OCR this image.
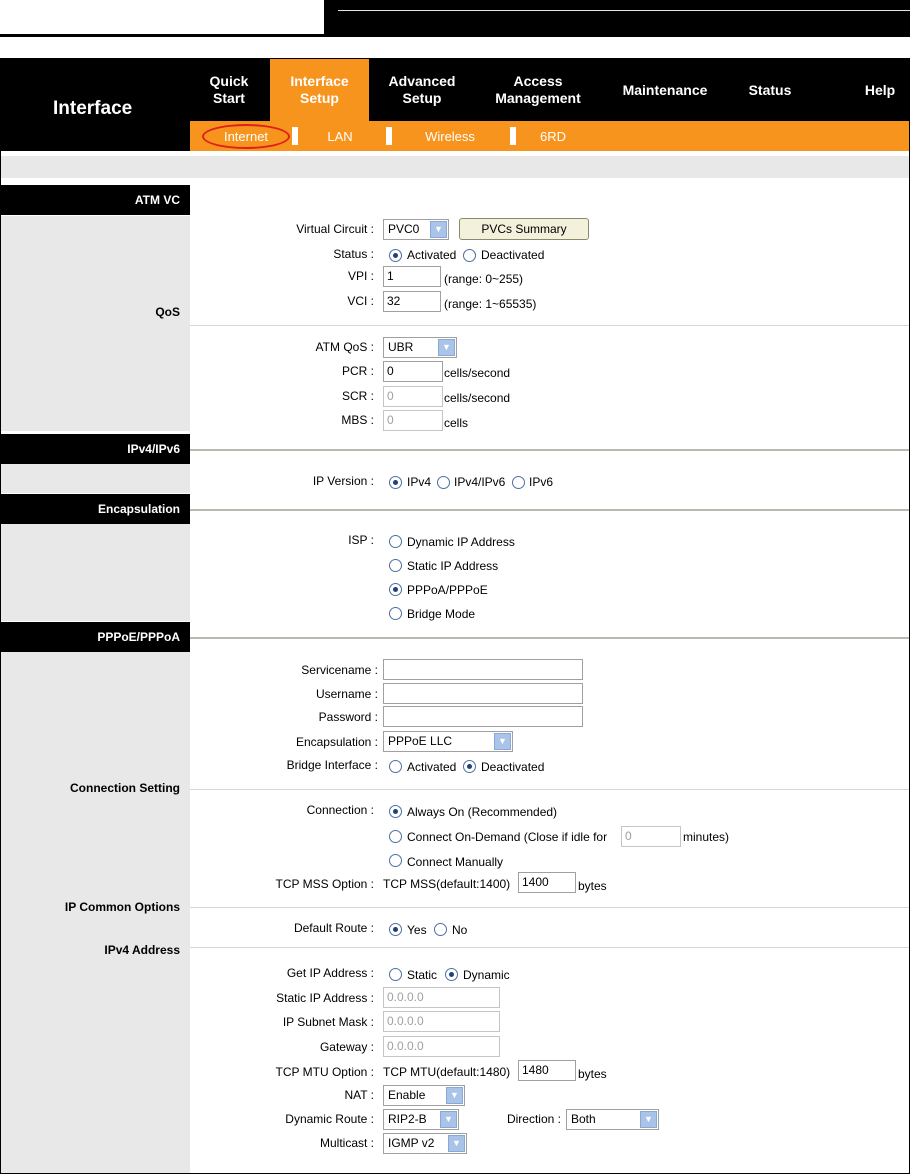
Interface
Quick
Start
Interface
Setup
Advanced
Setup
Access
Management
Maintenance	Status	Help
Internet	LAN	Wireless	6RD
ATM VC
QoS
IPv4/IPv6
Encapsulation
PPPoE/PPPoA
Connection Setting
IP Common Options
IPv4 Address
Virtual Circuit :	PVC0	▼	PVCs Summary
Status :	Activated Deactivated
VPI :	1	(range: 0~255)
VCI :	32	(range: 1~65535)
ATM QoS :	UBR	▼
PCR :	0	cells/second
SCR :	0	cells/second
MBS :	0	cells
IP Version :	IPv4 IPv4/IPv6 IPv6
ISP :	Dynamic IP Address
Static IP Address
PPPoA/PPPoE
Bridge Mode
Servicename :
Username :
Password :
Encapsulation : PPPoE LLC	▼
Bridge Interface : Activated Deactivated
Connection :	Always On (Recommended)
Connect On-Demand (Close if idle for	0	minutes)
Connect Manually
TCP MSS Option : TCP MSS(default:1400) 1400	bytes
Default Route :	Yes No
Get IP Address :	Static Dynamic
Static IP Address :	0.0.0.0
IP Subnet Mask :	0.0.0.0
Gateway :	0.0.0.0
TCP MTU Option : TCP MTU(default:1480) 1480	bytes
NAT :	Enable	▼
Dynamic Route :	RIP2-B	▼	Direction : Both	▼
Multicast :	IGMP v2	▼
